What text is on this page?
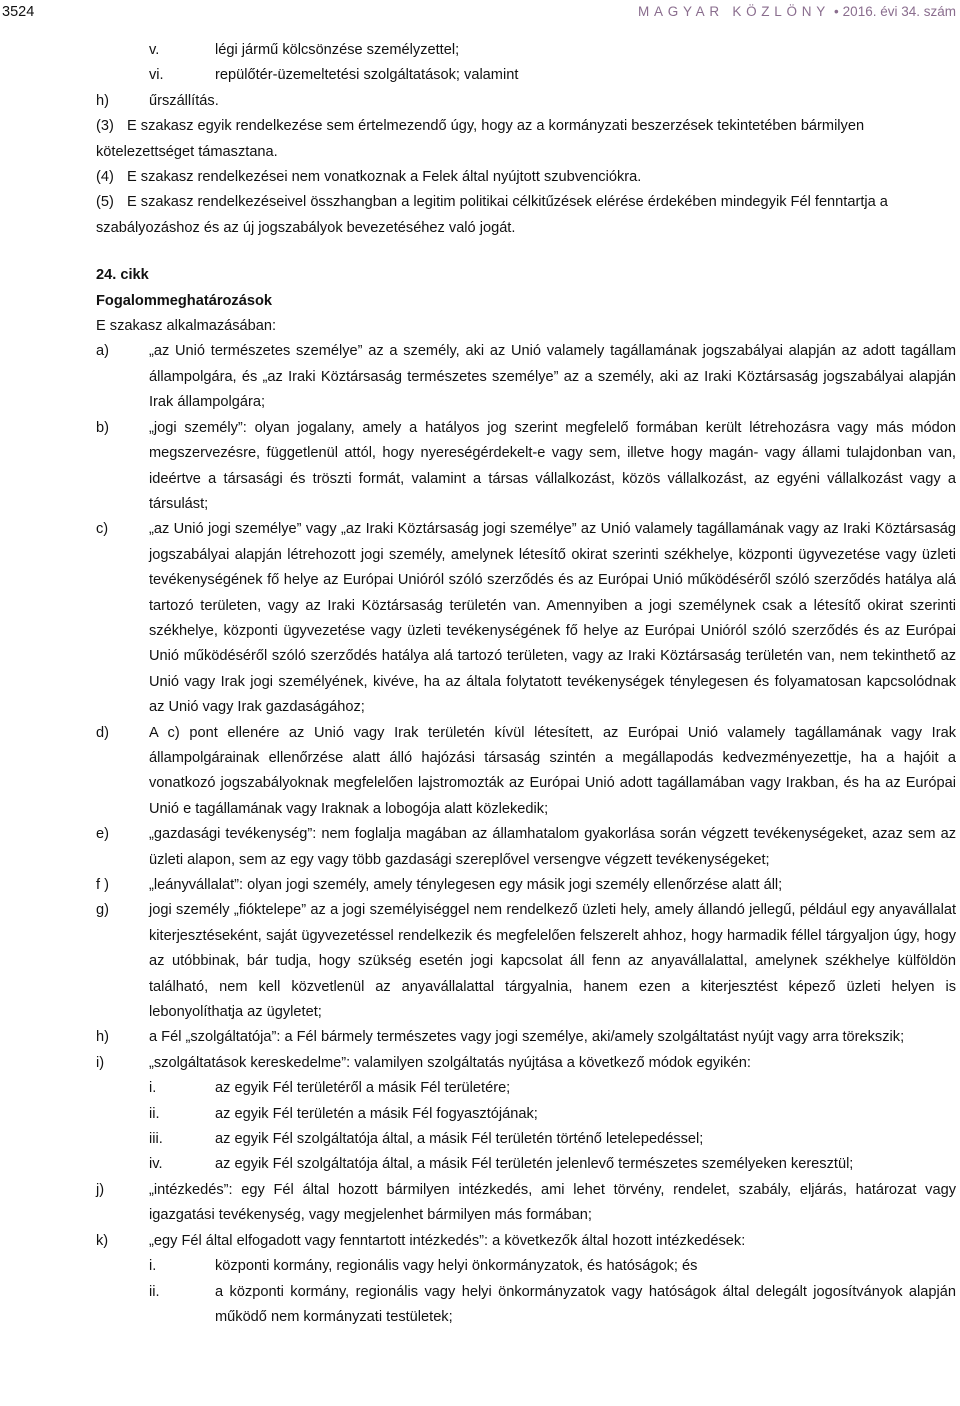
3524	MAGYAR KÖZLÖNY • 2016. évi 34. szám
v.	légi jármű kölcsönzése személyzettel;
vi.	repülőtér-üzemeltetési szolgáltatások; valamint
h)	űrszállítás.
(3) E szakasz egyik rendelkezése sem értelmezendő úgy, hogy az a kormányzati beszerzések tekintetében bármilyen kötelezettséget támasztana.
(4) E szakasz rendelkezései nem vonatkoznak a Felek által nyújtott szubvenciókra.
(5) E szakasz rendelkezéseivel összhangban a legitim politikai célkitűzések elérése érdekében mindegyik Fél fenntartja a szabályozáshoz és az új jogszabályok bevezetéséhez való jogát.

24. cikk

Fogalommeghatározások

E szakasz alkalmazásában:

a)	„az Unió természetes személye” az a személy, aki az Unió valamely tagállamának jogszabályai alapján az adott tagállam állampolgára, és „az Iraki Köztársaság természetes személye” az a személy, aki az Iraki Köztársaság jogszabályai alapján Irak állampolgára;
b)	„jogi személy”: olyan jogalany, amely a hatályos jog szerint megfelelő formában került létrehozásra vagy más módon megszervezésre, függetlenül attól, hogy nyereségérdekelt-e vagy sem, illetve hogy magán- vagy állami tulajdonban van, ideértve a társasági és tröszti formát, valamint a társas vállalkozást, közös vállalkozást, az egyéni vállalkozást vagy a társulást;
c)	„az Unió jogi személye” vagy „az Iraki Köztársaság jogi személye” az Unió valamely tagállamának vagy az Iraki Köztársaság jogszabályai alapján létrehozott jogi személy, amelynek létesítő okirat szerinti székhelye, központi ügyvezetése vagy üzleti tevékenységének fő helye az Európai Unióról szóló szerződés és az Európai Unió működéséről szóló szerződés hatálya alá tartozó területen, vagy az Iraki Köztársaság területén van. Amennyiben a jogi személynek csak a létesítő okirat szerinti székhelye, központi ügyvezetése vagy üzleti tevékenységének fő helye az Európai Unióról szóló szerződés és az Európai Unió működéséről szóló szerződés hatálya alá tartozó területen, vagy az Iraki Köztársaság területén van, nem tekinthető az Unió vagy Irak jogi személyének, kivéve, ha az általa folytatott tevékenységek ténylegesen és folyamatosan kapcsolódnak az Unió vagy Irak gazdaságához;
d)	A c) pont ellenére az Unió vagy Irak területén kívül létesített, az Európai Unió valamely tagállamának vagy Irak állampolgárainak ellenőrzése alatt álló hajózási társaság szintén a megállapodás kedvezményezettje, ha a hajóit a vonatkozó jogszabályoknak megfelelően lajstromozták az Európai Unió adott tagállamában vagy Irakban, és ha az Európai Unió e tagállamának vagy Iraknak a lobogója alatt közlekedik;
e)	„gazdasági tevékenység”: nem foglalja magában az államhatalom gyakorlása során végzett tevékenységeket, azaz sem az üzleti alapon, sem az egy vagy több gazdasági szereplővel versengve végzett tevékenységeket;
f )	„leányvállalat”: olyan jogi személy, amely ténylegesen egy másik jogi személy ellenőrzése alatt áll;
g)	jogi személy „fióktelepe” az a jogi személyiséggel nem rendelkező üzleti hely, amely állandó jellegű, például egy anyavállalat kiterjesztéseként, saját ügyvezetéssel rendelkezik és megfelelően felszerelt ahhoz, hogy harmadik féllel tárgyaljon úgy, hogy az utóbbinak, bár tudja, hogy szükség esetén jogi kapcsolat áll fenn az anyavállalattal, amelynek székhelye külföldön található, nem kell közvetlenül az anyavállalattal tárgyalnia, hanem ezen a kiterjesztést képező üzleti helyen is lebonyolíthatja az ügyletet;
h)	a Fél „szolgáltatója”: a Fél bármely természetes vagy jogi személye, aki/amely szolgáltatást nyújt vagy arra törekszik;
i)	„szolgáltatások kereskedelme”: valamilyen szolgáltatás nyújtása a következő módok egyikén:
i.	az egyik Fél területéről a másik Fél területére;
ii.	az egyik Fél területén a másik Fél fogyasztójának;
iii.	az egyik Fél szolgáltatója által, a másik Fél területén történő letelepedéssel;
iv.	az egyik Fél szolgáltatója által, a másik Fél területén jelenlevő természetes személyeken keresztül;
j)	„intézkedés”: egy Fél által hozott bármilyen intézkedés, ami lehet törvény, rendelet, szabály, eljárás, határozat vagy igazgatási tevékenység, vagy megjelenhet bármilyen más formában;
k)	„egy Fél által elfogadott vagy fenntartott intézkedés”: a következők által hozott intézkedések:
i.	központi kormány, regionális vagy helyi önkormányzatok, és hatóságok; és
ii.	a központi kormány, regionális vagy helyi önkormányzatok vagy hatóságok által delegált jogosítványok alapján működő nem kormányzati testületek;
